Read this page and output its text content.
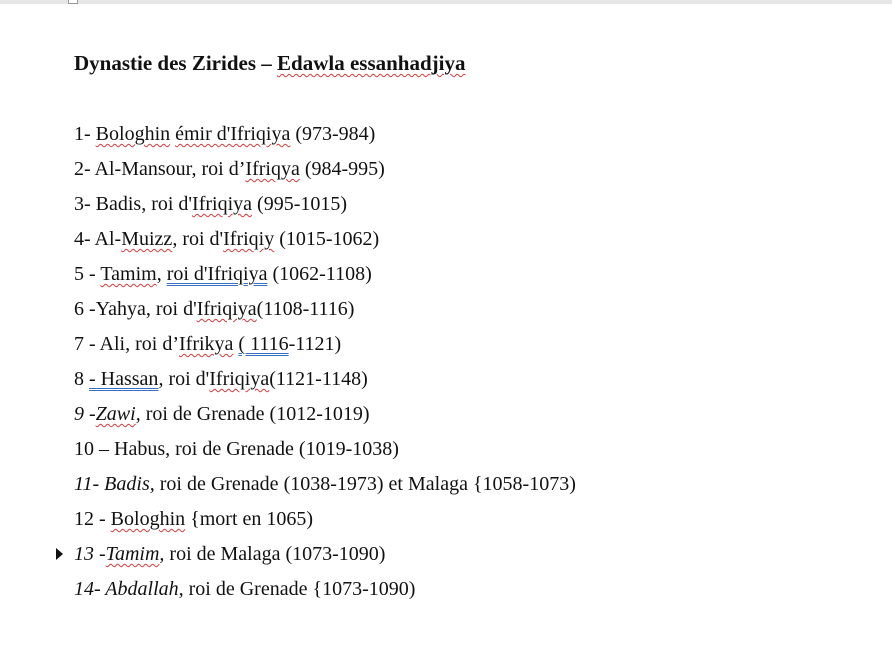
Dynastie des Zirides – Edawla essanhadjiya
1- Bologhin émir d'Ifriqiya (973-984)
2- Al-Mansour, roi d’Ifriqya (984-995)
3- Badis, roi d'Ifriqiya (995-1015)
4- Al-Muizz, roi d'Ifriqiy (1015-1062)
5 - Tamim, roi d'Ifriqiya (1062-1108)
6 -Yahya, roi d'Ifriqiya(1108-1116)
7 - Ali, roi d’Ifrikya ( 1116-1121)
8 - Hassan, roi d'Ifriqiya(1121-1148)
9 -Zawi, roi de Grenade (1012-1019)
10 – Habus, roi de Grenade (1019-1038)
11- Badis, roi de Grenade (1038-1973) et Malaga {1058-1073)
12 - Bologhin {mort en 1065)
13 -Tamim, roi de Malaga (1073-1090)
14- Abdallah, roi de Grenade {1073-1090)
